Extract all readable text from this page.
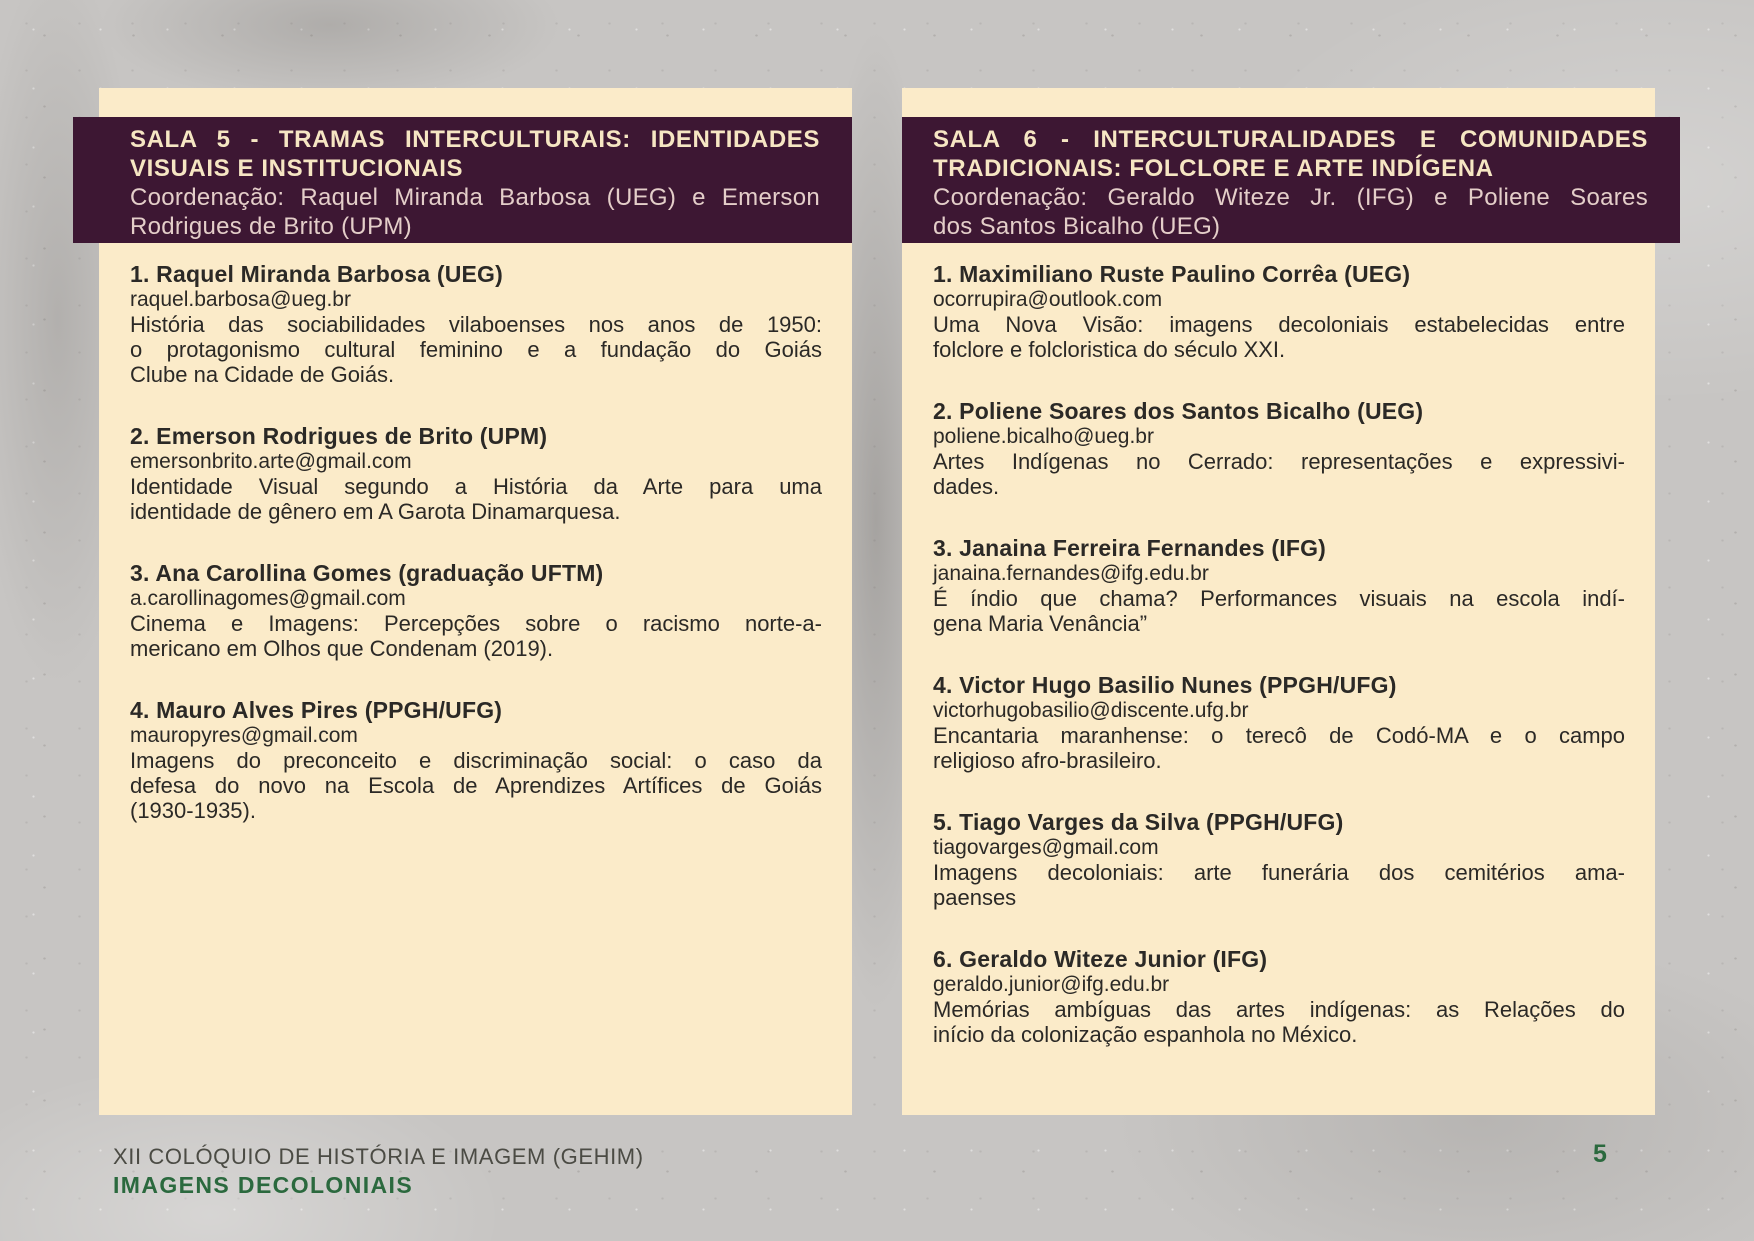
1. Raquel Miranda Barbosa (UEG)
raquel.barbosa@ueg.br
História das sociabilidades vilaboenses nos anos de 1950:
o protagonismo cultural feminino e a fundação do Goiás
Clube na Cidade de Goiás.
2. Emerson Rodrigues de Brito (UPM)
emersonbrito.arte@gmail.com
Identidade Visual segundo a História da Arte para uma
identidade de gênero em A Garota Dinamarquesa.
3. Ana Carollina Gomes (graduação UFTM)
a.carollinagomes@gmail.com
Cinema e Imagens: Percepções sobre o racismo norte-a-
mericano em Olhos que Condenam (2019).
4. Mauro Alves Pires (PPGH/UFG)
mauropyres@gmail.com
Imagens do preconceito e discriminação social: o caso da
defesa do novo na Escola de Aprendizes Artífices de Goiás
(1930-1935).
SALA 5 - TRAMAS INTERCULTURAIS: IDENTIDADES
VISUAIS E INSTITUCIONAIS
Coordenação: Raquel Miranda Barbosa (UEG) e Emerson
Rodrigues de Brito (UPM)
1. Maximiliano Ruste Paulino Corrêa (UEG)
ocorrupira@outlook.com
Uma Nova Visão: imagens decoloniais estabelecidas entre
folclore e folcloristica do século XXI.
2. Poliene Soares dos Santos Bicalho (UEG)
poliene.bicalho@ueg.br
Artes Indígenas no Cerrado: representações e expressivi-
dades.
3. Janaina Ferreira Fernandes (IFG)
janaina.fernandes@ifg.edu.br
É índio que chama? Performances visuais na escola indí-
gena Maria Venância”
4. Victor Hugo Basilio Nunes (PPGH/UFG)
victorhugobasilio@discente.ufg.br
Encantaria maranhense: o terecô de Codó-MA e o campo
religioso afro-brasileiro.
5. Tiago Varges da Silva (PPGH/UFG)
tiagovarges@gmail.com
Imagens decoloniais: arte funerária dos cemitérios ama-
paenses
6. Geraldo Witeze Junior (IFG)
geraldo.junior@ifg.edu.br
Memórias ambíguas das artes indígenas: as Relações do
início da colonização espanhola no México.
SALA 6 - INTERCULTURALIDADES E COMUNIDADES
TRADICIONAIS: FOLCLORE E ARTE INDÍGENA
Coordenação: Geraldo Witeze Jr. (IFG) e Poliene Soares
dos Santos Bicalho (UEG)
XII COLÓQUIO DE HISTÓRIA E IMAGEM (GEHIM)
IMAGENS DECOLONIAIS
5
